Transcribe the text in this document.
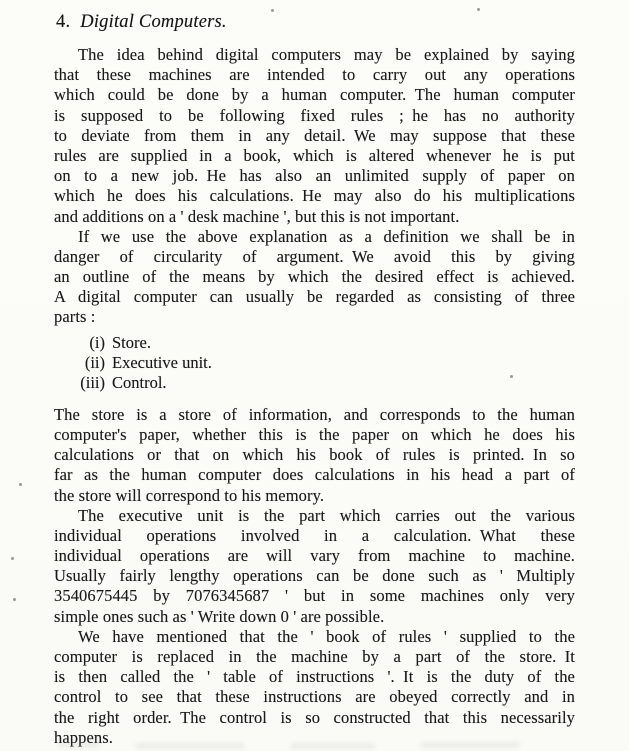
4. Digital Computers.
The idea behind digital computers may be explained by saying
that these machines are intended to carry out any operations
which could be done by a human computer. The human computer
is supposed to be following fixed rules ; he has no authority
to deviate from them in any detail. We may suppose that these
rules are supplied in a book, which is altered whenever he is put
on to a new job. He has also an unlimited supply of paper on
which he does his calculations. He may also do his multiplications
and additions on a ' desk machine ', but this is not important.
If we use the above explanation as a definition we shall be in
danger of circularity of argument. We avoid this by giving
an outline of the means by which the desired effect is achieved.
A digital computer can usually be regarded as consisting of three
parts :
(i) Store.
(ii) Executive unit.
(iii) Control.
The store is a store of information, and corresponds to the human
computer's paper, whether this is the paper on which he does his
calculations or that on which his book of rules is printed. In so
far as the human computer does calculations in his head a part of
the store will correspond to his memory.
The executive unit is the part which carries out the various
individual operations involved in a calculation. What these
individual operations are will vary from machine to machine.
Usually fairly lengthy operations can be done such as ' Multiply
3540675445 by 7076345687 ' but in some machines only very
simple ones such as ' Write down 0 ' are possible.
We have mentioned that the ' book of rules ' supplied to the
computer is replaced in the machine by a part of the store. It
is then called the ' table of instructions '. It is the duty of the
control to see that these instructions are obeyed correctly and in
the right order. The control is so constructed that this necessarily
happens.
